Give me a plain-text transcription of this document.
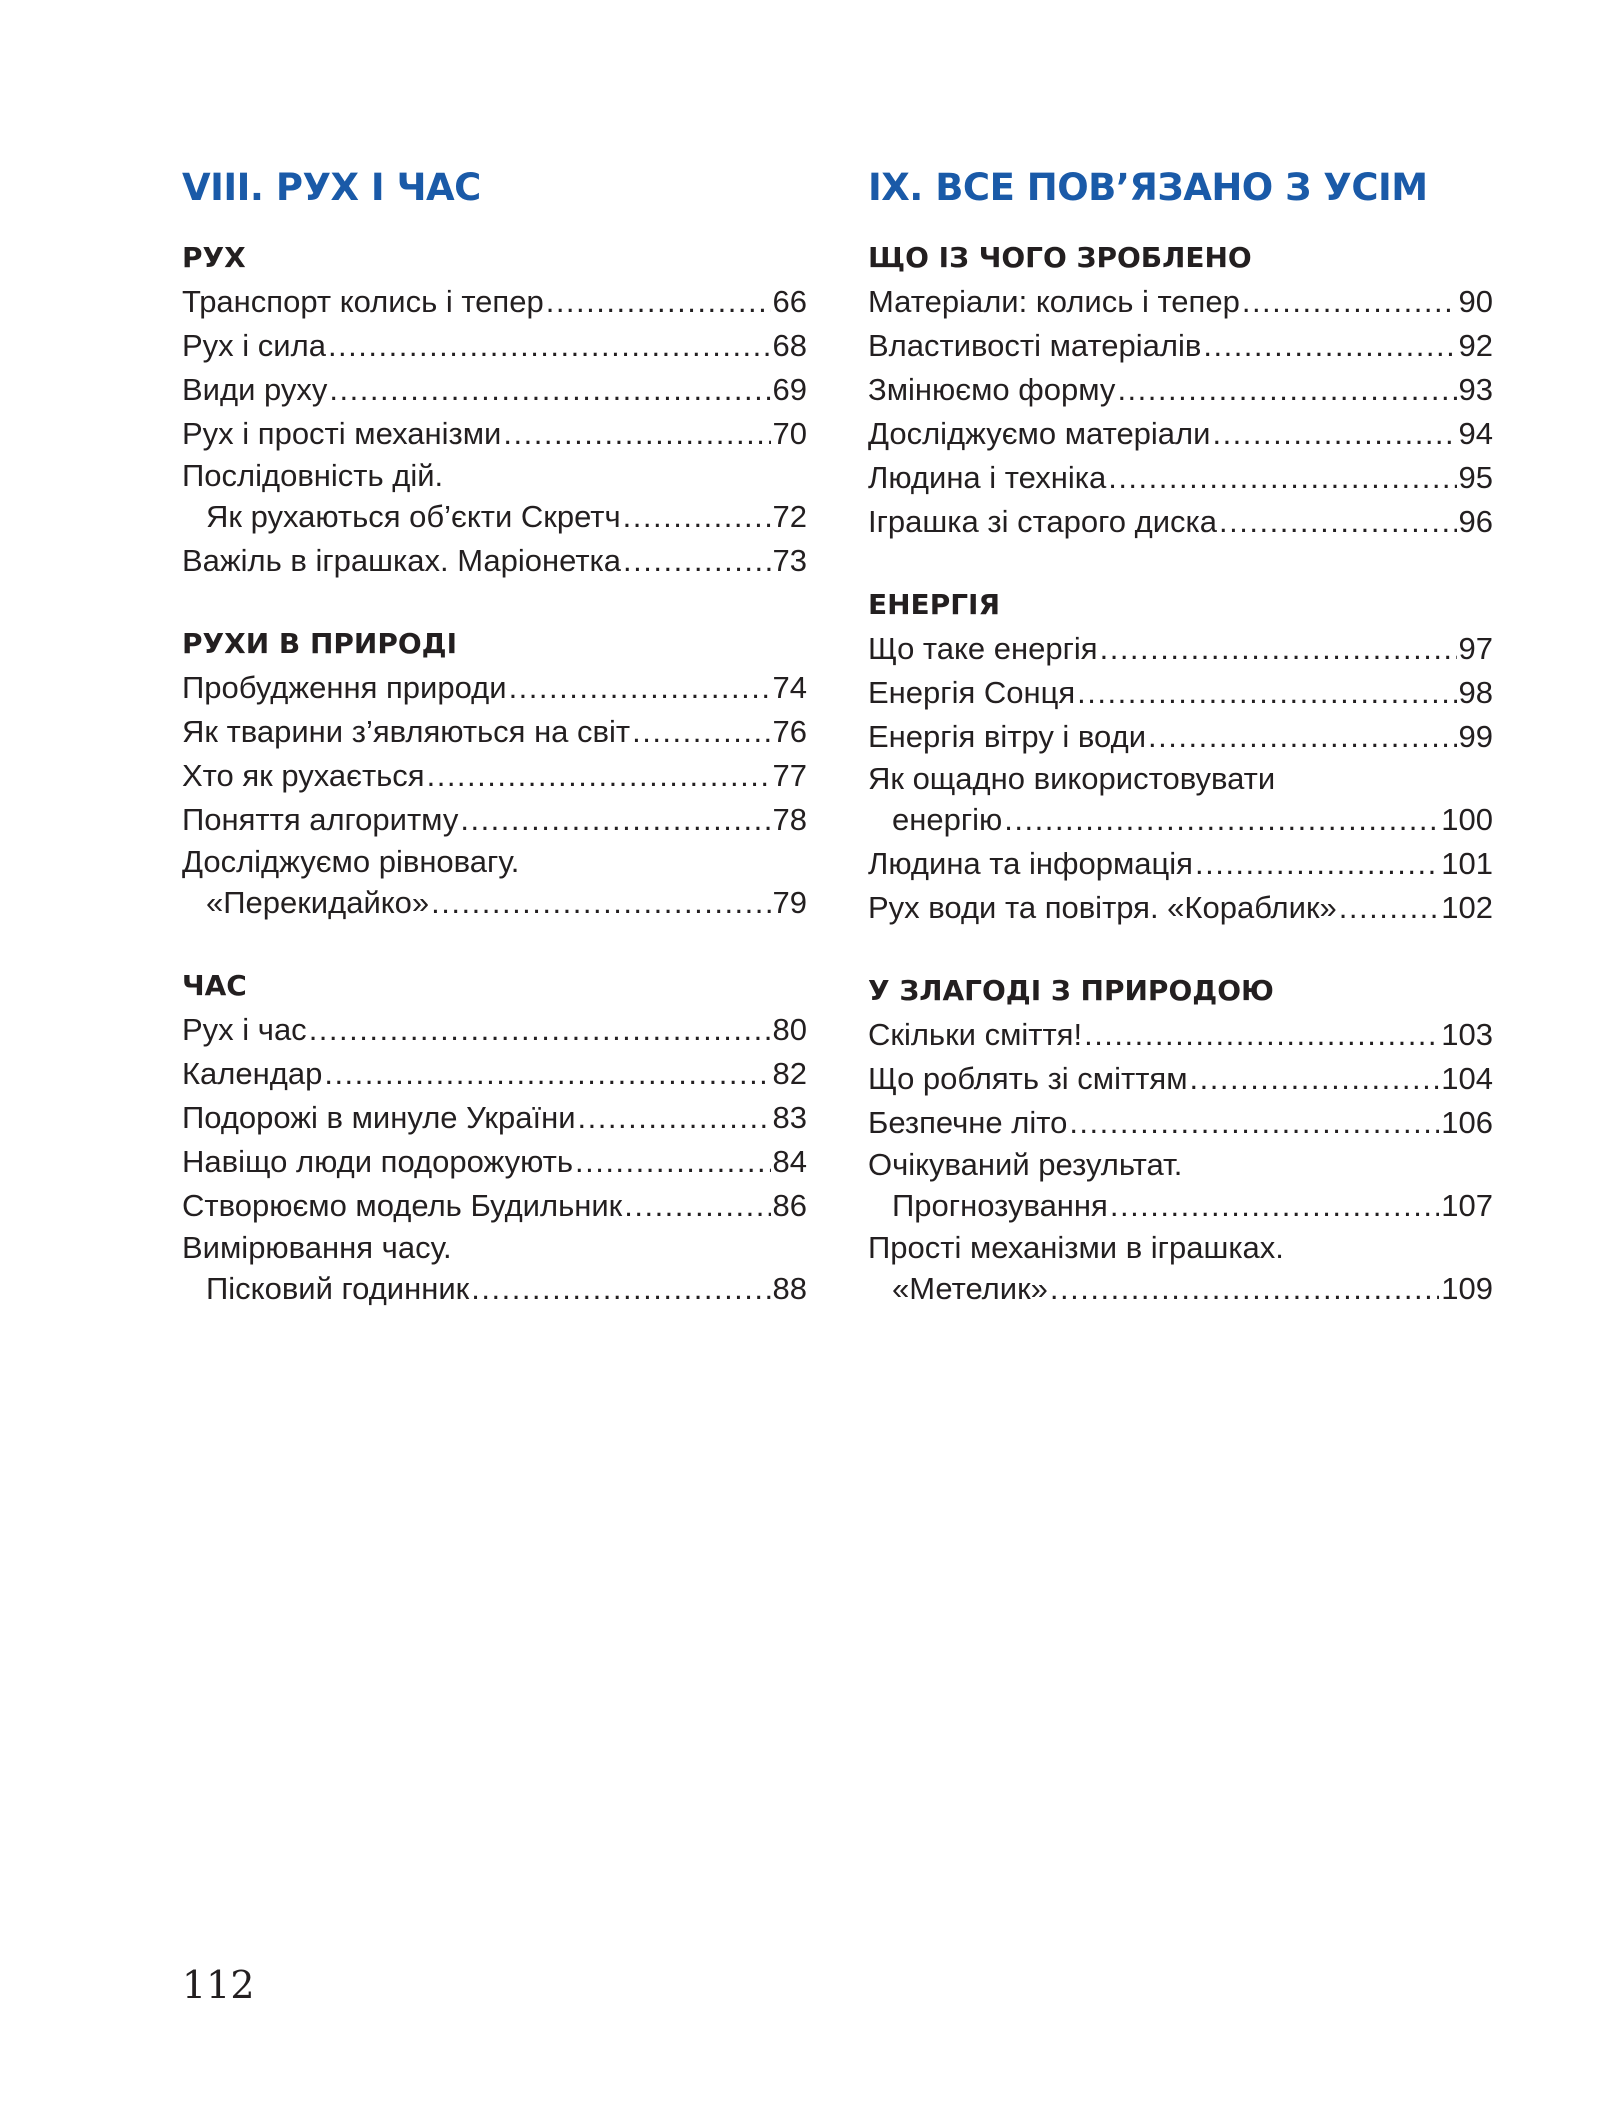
VIII. РУХ І ЧАС
РУХ
Транспорт колись і тепер .....	66
Рух і сила .....	68
Види руху .....	69
Рух і прості механізми .....	70
Послідовність дій.
Як рухаються об’єкти Скретч .....	72
Важіль в іграшках. Маріонетка .....	73
РУХИ В ПРИРОДІ
Пробудження природи .....	74
Як тварини з’являються на світ .....	76
Хто як рухається .....	77
Поняття алгоритму .....	78
Досліджуємо рівновагу.
«Перекидайко» .....	79
ЧАС
Рух і час .....	80
Календар .....	82
Подорожі в минуле України .....	83
Навіщо люди подорожують .....	84
Створюємо модель Будильник .....	86
Вимірювання часу.
Пісковий годинник .....	88
IX. ВСЕ ПОВ’ЯЗАНО З УСІМ
ЩО ІЗ ЧОГО ЗРОБЛЕНО
Матеріали: колись і тепер .....	90
Властивості матеріалів .....	92
Змінюємо форму .....	93
Досліджуємо матеріали .....	94
Людина і техніка .....	95
Іграшка зі старого диска .....	96
ЕНЕРГІЯ
Що таке енергія .....	97
Енергія Сонця .....	98
Енергія вітру і води .....	99
Як ощадно використовувати
енергію .....	100
Людина та інформація .....	101
Рух води та повітря. «Кораблик» .....	102
У ЗЛАГОДІ З ПРИРОДОЮ
Скільки сміття! .....	103
Що роблять зі сміттям .....	104
Безпечне літо .....	106
Очікуваний результат.
Прогнозування .....	107
Прості механізми в іграшках.
«Метелик» .....	109
112
